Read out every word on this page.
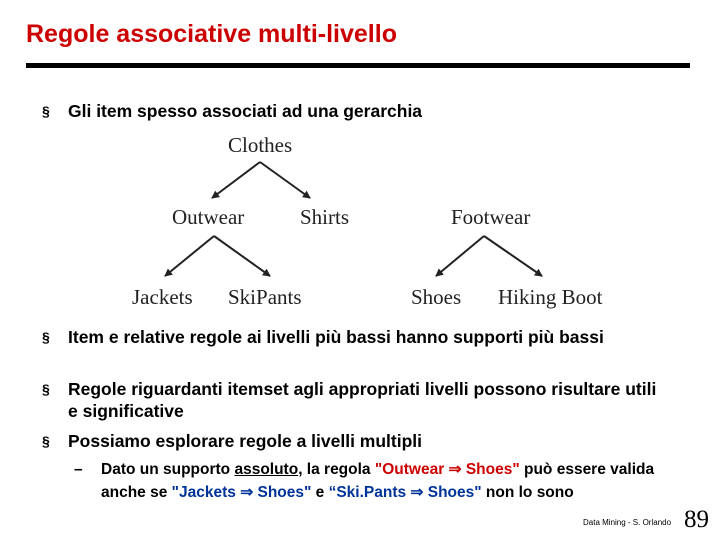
Regole associative multi-livello
§	Gli item spesso associati ad una gerarchia
Clothes
Outwear	Shirts	Footwear
Jackets SkiPants	Shoes Hiking Boot
§	Item e relative regole ai livelli più bassi hanno supporti più bassi
§	Regole riguardanti itemset agli appropriati livelli possono risultare utili e significative
§	Possiamo esplorare regole a livelli multipli
– Dato un supporto assoluto, la regola "Outwear ⇒ Shoes" può essere valida anche se "Jackets ⇒ Shoes" e “Ski.Pants ⇒ Shoes" non lo sono
Data Mining - S. Orlando 89
